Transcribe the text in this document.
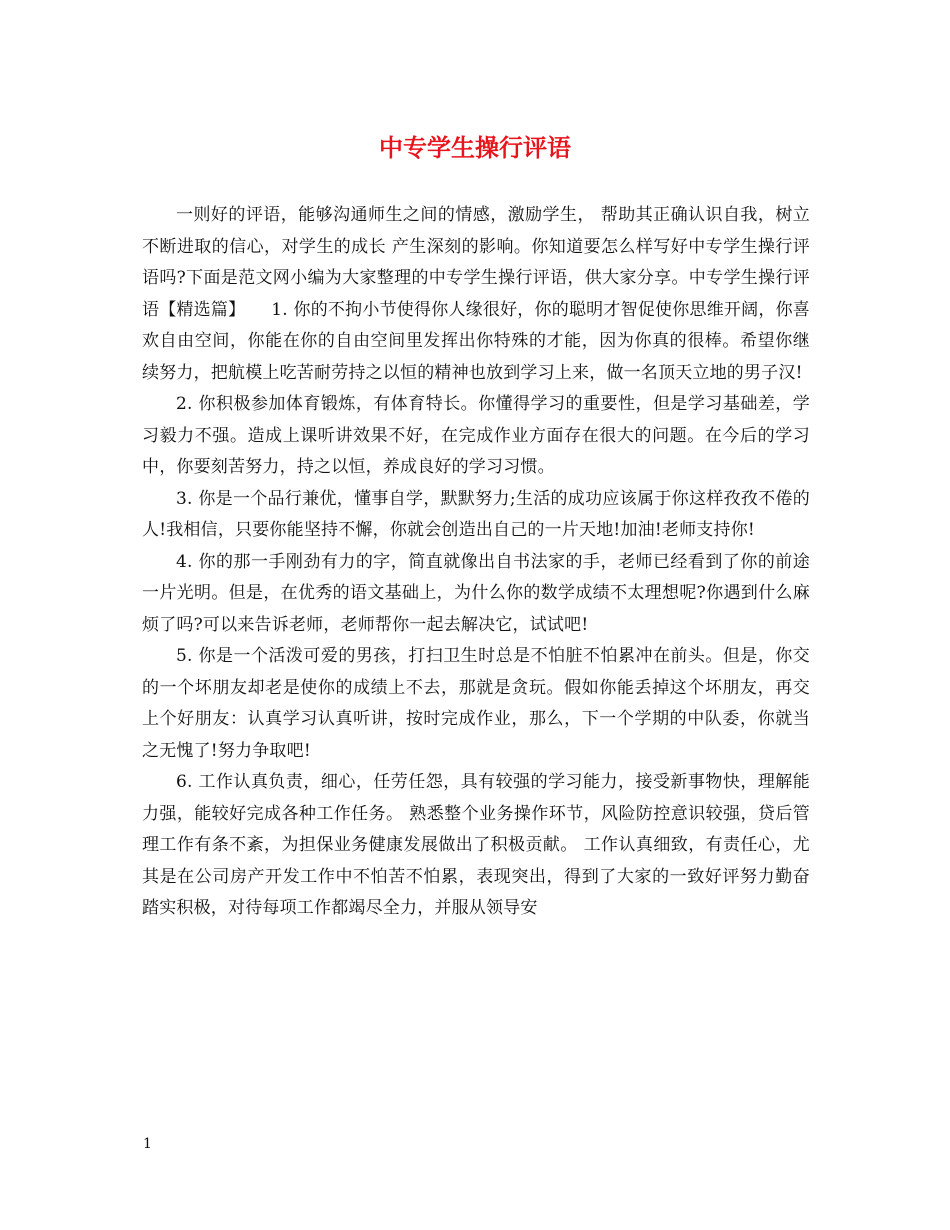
中专学生操行评语

一则好的评语，能够沟通师生之间的情感，激励学生， 帮助其正确认识自我，树立不断进取的信心，对学生的成长 产生深刻的影响。你知道要怎么样写好中专学生操行评语吗?下面是范文网小编为大家整理的中专学生操行评语，供大家分享。中专学生操行评语【精选篇】　　1. 你的不拘小节使得你人缘很好，你的聪明才智促使你思维开阔，你喜欢自由空间，你能在你的自由空间里发挥出你特殊的才能，因为你真的很棒。希望你继续努力，把航模上吃苦耐劳持之以恒的精神也放到学习上来，做一名顶天立地的男子汉!

2. 你积极参加体育锻炼，有体育特长。你懂得学习的重要性，但是学习基础差，学习毅力不强。造成上课听讲效果不好，在完成作业方面存在很大的问题。在今后的学习中，你要刻苦努力，持之以恒，养成良好的学习习惯。

3. 你是一个品行兼优，懂事自学，默默努力;生活的成功应该属于你这样孜孜不倦的人!我相信，只要你能坚持不懈，你就会创造出自己的一片天地!加油!老师支持你!

4. 你的那一手刚劲有力的字，简直就像出自书法家的手，老师已经看到了你的前途一片光明。但是，在优秀的语文基础上，为什么你的数学成绩不太理想呢?你遇到什么麻烦了吗?可以来告诉老师，老师帮你一起去解决它，试试吧!

5. 你是一个活泼可爱的男孩，打扫卫生时总是不怕脏不怕累冲在前头。但是，你交的一个坏朋友却老是使你的成绩上不去，那就是贪玩。假如你能丢掉这个坏朋友，再交上个好朋友：认真学习认真听讲，按时完成作业，那么，下一个学期的中队委，你就当之无愧了!努力争取吧!

6. 工作认真负责，细心，任劳任怨，具有较强的学习能力，接受新事物快，理解能力强，能较好完成各种工作任务。 熟悉整个业务操作环节，风险防控意识较强，贷后管理工作有条不紊，为担保业务健康发展做出了积极贡献。 工作认真细致，有责任心，尤其是在公司房产开发工作中不怕苦不怕累，表现突出，得到了大家的一致好评努力勤奋踏实积极，对待每项工作都竭尽全力，并服从领导安

1
